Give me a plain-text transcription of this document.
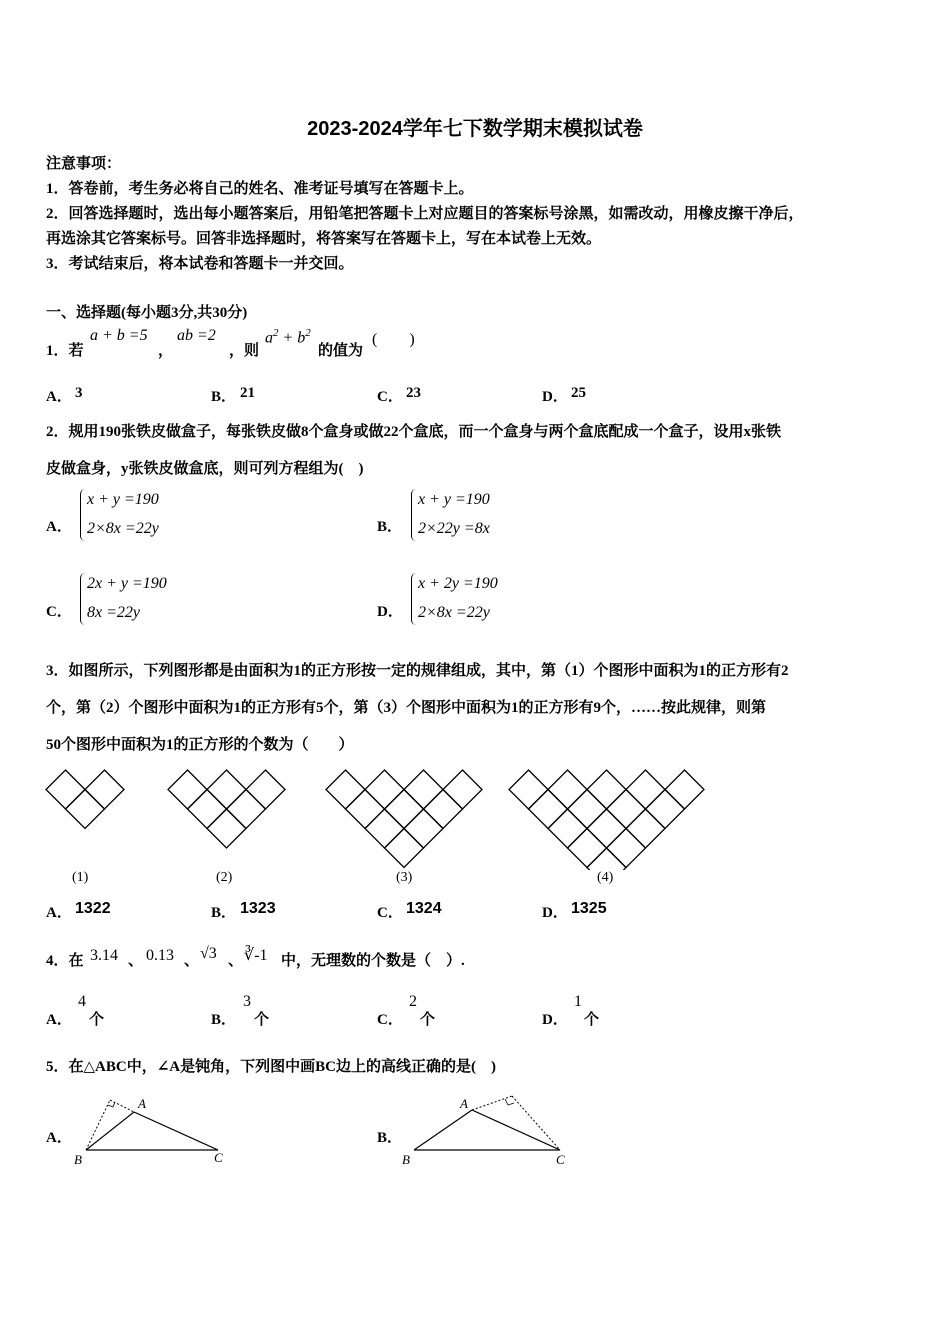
2023-2024学年七下数学期末模拟试卷
注意事项：
1．答卷前，考生务必将自己的姓名、准考证号填写在答题卡上。
2．回答选择题时，选出每小题答案后，用铅笔把答题卡上对应题目的答案标号涂黑，如需改动，用橡皮擦干净后，
再选涂其它答案标号。回答非选择题时，将答案写在答题卡上，写在本试卷上无效。
3．考试结束后，将本试卷和答题卡一并交回。
一、选择题(每小题3分,共30分)
1．若
a + b =5
，
ab =2
，则
$a^2 + b^2$
的值为
(　　)
A． 3	B． 21	C． 23	D． 25
2．规用190张铁皮做盒子，每张铁皮做8个盒身或做22个盒底，而一个盒身与两个盒底配成一个盒子，设用x张铁
皮做盒身，y张铁皮做盒底，则可列方程组为(　)
A．
x + y =190
2×8x =22y	B．
x + y =190
2×22y =8x
C．
2x + y =190
8x =22y	D．
x + 2y =190
2×8x =22y
3．如图所示，下列图形都是由面积为1的正方形按一定的规律组成，其中，第（1）个图形中面积为1的正方形有2
个，第（2）个图形中面积为1的正方形有5个，第（3）个图形中面积为1的正方形有9个，……按此规律，则第
50个图形中面积为1的正方形的个数为（　　）
(1)	(2)	(3)	(4)
A． 1322	B． 1323	C． 1324	D． 1325
4．在 3.14 、 0.13 、 √3 、 ∛-1 中，无理数的个数是（　）.
A．
4
个	B．
3
个	C．
2
个	D．
1
个
5．在△ABC中，∠A是钝角，下列图中画BC边上的高线正确的是(　)
A．
A
B	C
B．
A
B	C
